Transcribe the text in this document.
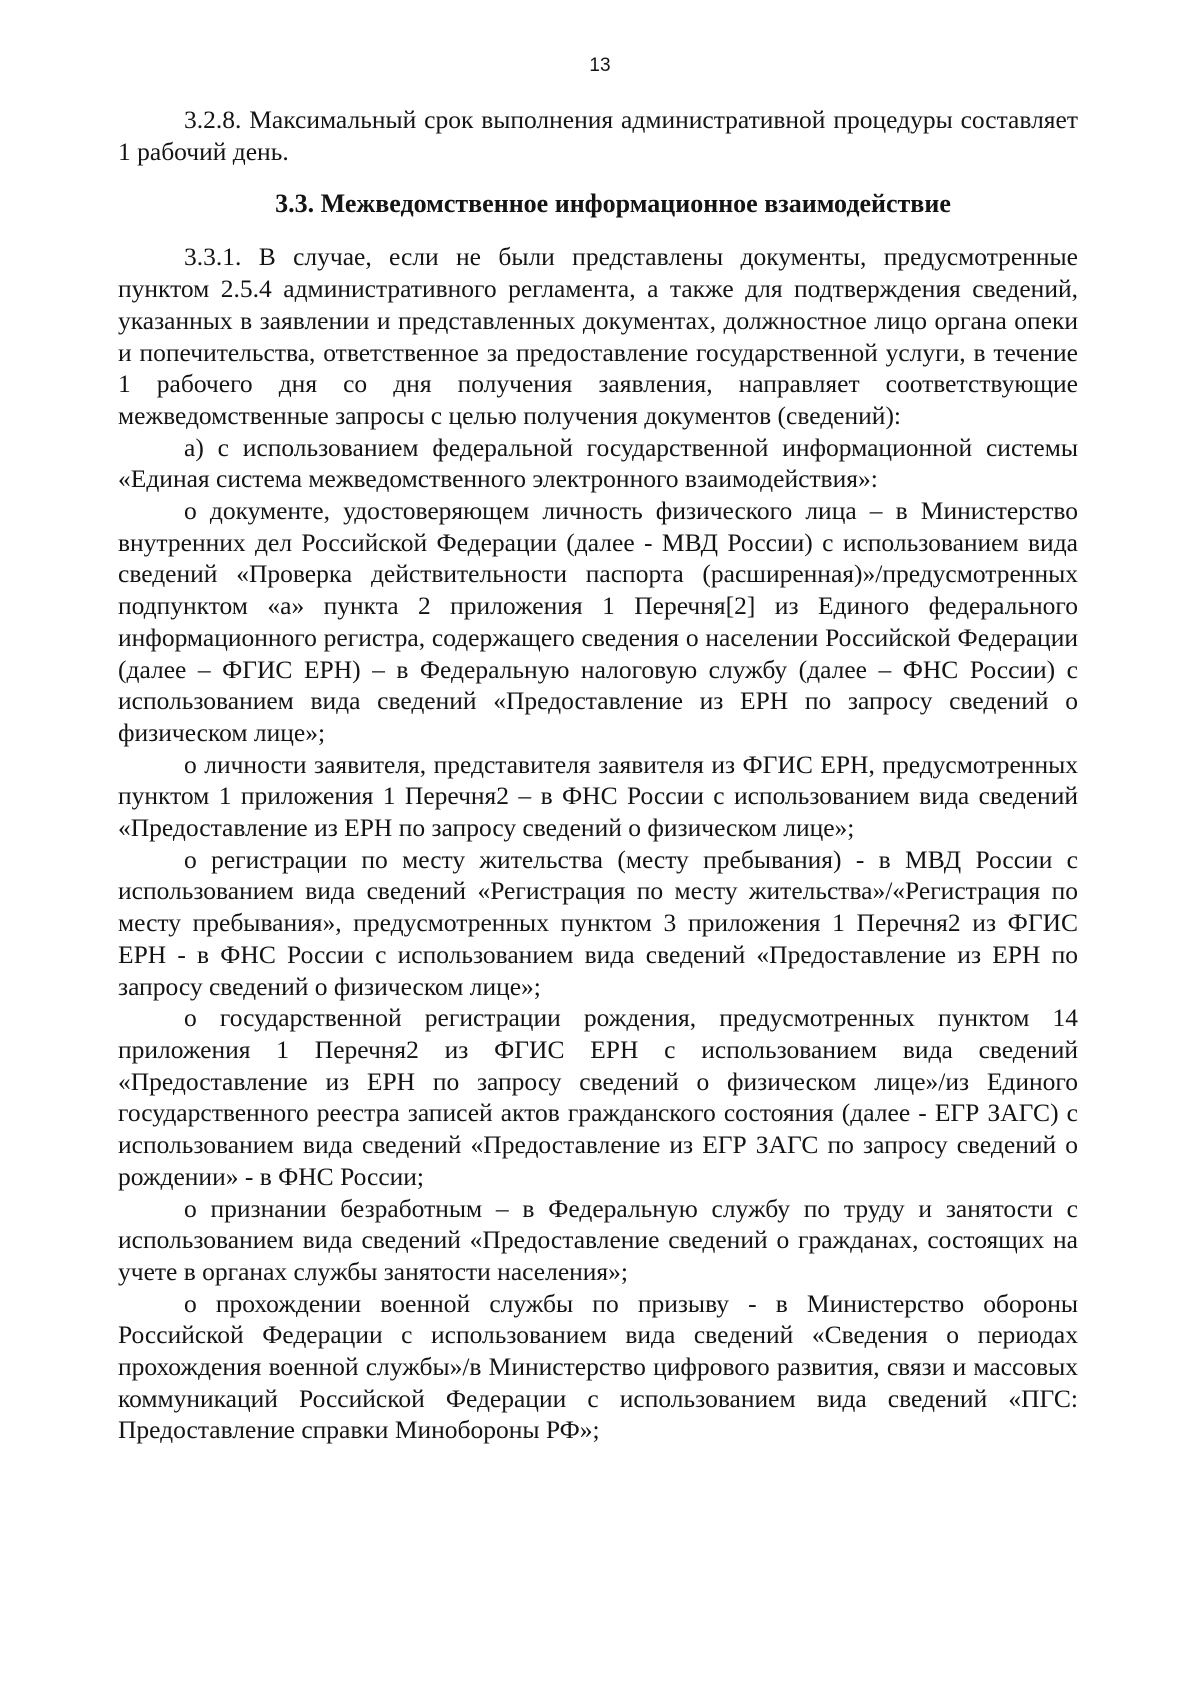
13

3.2.8. Максимальный срок выполнения административной процедуры составляет 1 рабочий день.

3.3. Межведомственное информационное взаимодействие

3.3.1. В случае, если не были представлены документы, предусмотренные пунктом 2.5.4 административного регламента, а также для подтверждения сведений, указанных в заявлении и представленных документах, должностное лицо органа опеки и попечительства, ответственное за предоставление государственной услуги, в течение 1 рабочего дня со дня получения заявления, направляет соответствующие межведомственные запросы с целью получения документов (сведений):

а) с использованием федеральной государственной информационной системы «Единая система межведомственного электронного взаимодействия»:

о документе, удостоверяющем личность физического лица – в Министерство внутренних дел Российской Федерации (далее - МВД России) с использованием вида сведений «Проверка действительности паспорта (расширенная)»/предусмотренных подпунктом «а» пункта 2 приложения 1 Перечня[2] из Единого федерального информационного регистра, содержащего сведения о населении Российской Федерации (далее – ФГИС ЕРН) – в Федеральную налоговую службу (далее – ФНС России) с использованием вида сведений «Предоставление из ЕРН по запросу сведений о физическом лице»;

о личности заявителя, представителя заявителя из ФГИС ЕРН, предусмотренных пунктом 1 приложения 1 Перечня2 – в ФНС России с использованием вида сведений «Предоставление из ЕРН по запросу сведений о физическом лице»;

о регистрации по месту жительства (месту пребывания) - в МВД России с использованием вида сведений «Регистрация по месту жительства»/«Регистрация по месту пребывания», предусмотренных пунктом 3 приложения 1 Перечня2 из ФГИС ЕРН - в ФНС России с использованием вида сведений «Предоставление из ЕРН по запросу сведений о физическом лице»;

о государственной регистрации рождения, предусмотренных пунктом 14 приложения 1 Перечня2 из ФГИС ЕРН с использованием вида сведений «Предоставление из ЕРН по запросу сведений о физическом лице»/из Единого государственного реестра записей актов гражданского состояния (далее - ЕГР ЗАГС) с использованием вида сведений «Предоставление из ЕГР ЗАГС по запросу сведений о рождении» - в ФНС России;

о признании безработным – в Федеральную службу по труду и занятости с использованием вида сведений «Предоставление сведений о гражданах, состоящих на учете в органах службы занятости населения»;

о прохождении военной службы по призыву - в Министерство обороны Российской Федерации с использованием вида сведений «Сведения о периодах прохождения военной службы»/в Министерство цифрового развития, связи и массовых коммуникаций Российской Федерации с использованием вида сведений «ПГС: Предоставление справки Минобороны РФ»;
